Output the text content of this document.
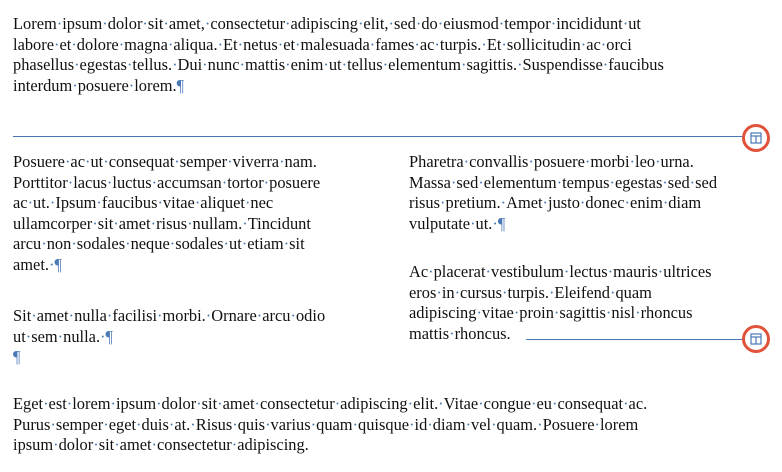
Lorem·ipsum·dolor·sit·amet,·consectetur·adipiscing·elit,·sed·do·eiusmod·tempor·incididunt·ut
labore·et·dolore·magna·aliqua.·Et·netus·et·malesuada·fames·ac·turpis.·Et·sollicitudin·ac·orci
phasellus·egestas·tellus.·Dui·nunc·mattis·enim·ut·tellus·elementum·sagittis.·Suspendisse·faucibus
interdum·posuere·lorem.¶
Posuere·ac·ut·consequat·semper·viverra·nam.
Porttitor·lacus·luctus·accumsan·tortor·posuere
ac·ut.·Ipsum·faucibus·vitae·aliquet·nec
ullamcorper·sit·amet·risus·nullam.·Tincidunt
arcu·non·sodales·neque·sodales·ut·etiam·sit
amet.·¶
Sit·amet·nulla·facilisi·morbi.·Ornare·arcu·odio
ut·sem·nulla.·¶
¶
Pharetra·convallis·posuere·morbi·leo·urna.
Massa·sed·elementum·tempus·egestas·sed·sed
risus·pretium.·Amet·justo·donec·enim·diam
vulputate·ut.·¶
Ac·placerat·vestibulum·lectus·mauris·ultrices
eros·in·cursus·turpis.·Eleifend·quam
adipiscing·vitae·proin·sagittis·nisl·rhoncus
mattis·rhoncus.
Eget·est·lorem·ipsum·dolor·sit·amet·consectetur·adipiscing·elit.·Vitae·congue·eu·consequat·ac.
Purus·semper·eget·duis·at.·Risus·quis·varius·quam·quisque·id·diam·vel·quam.·Posuere·lorem
ipsum·dolor·sit·amet·consectetur·adipiscing.
